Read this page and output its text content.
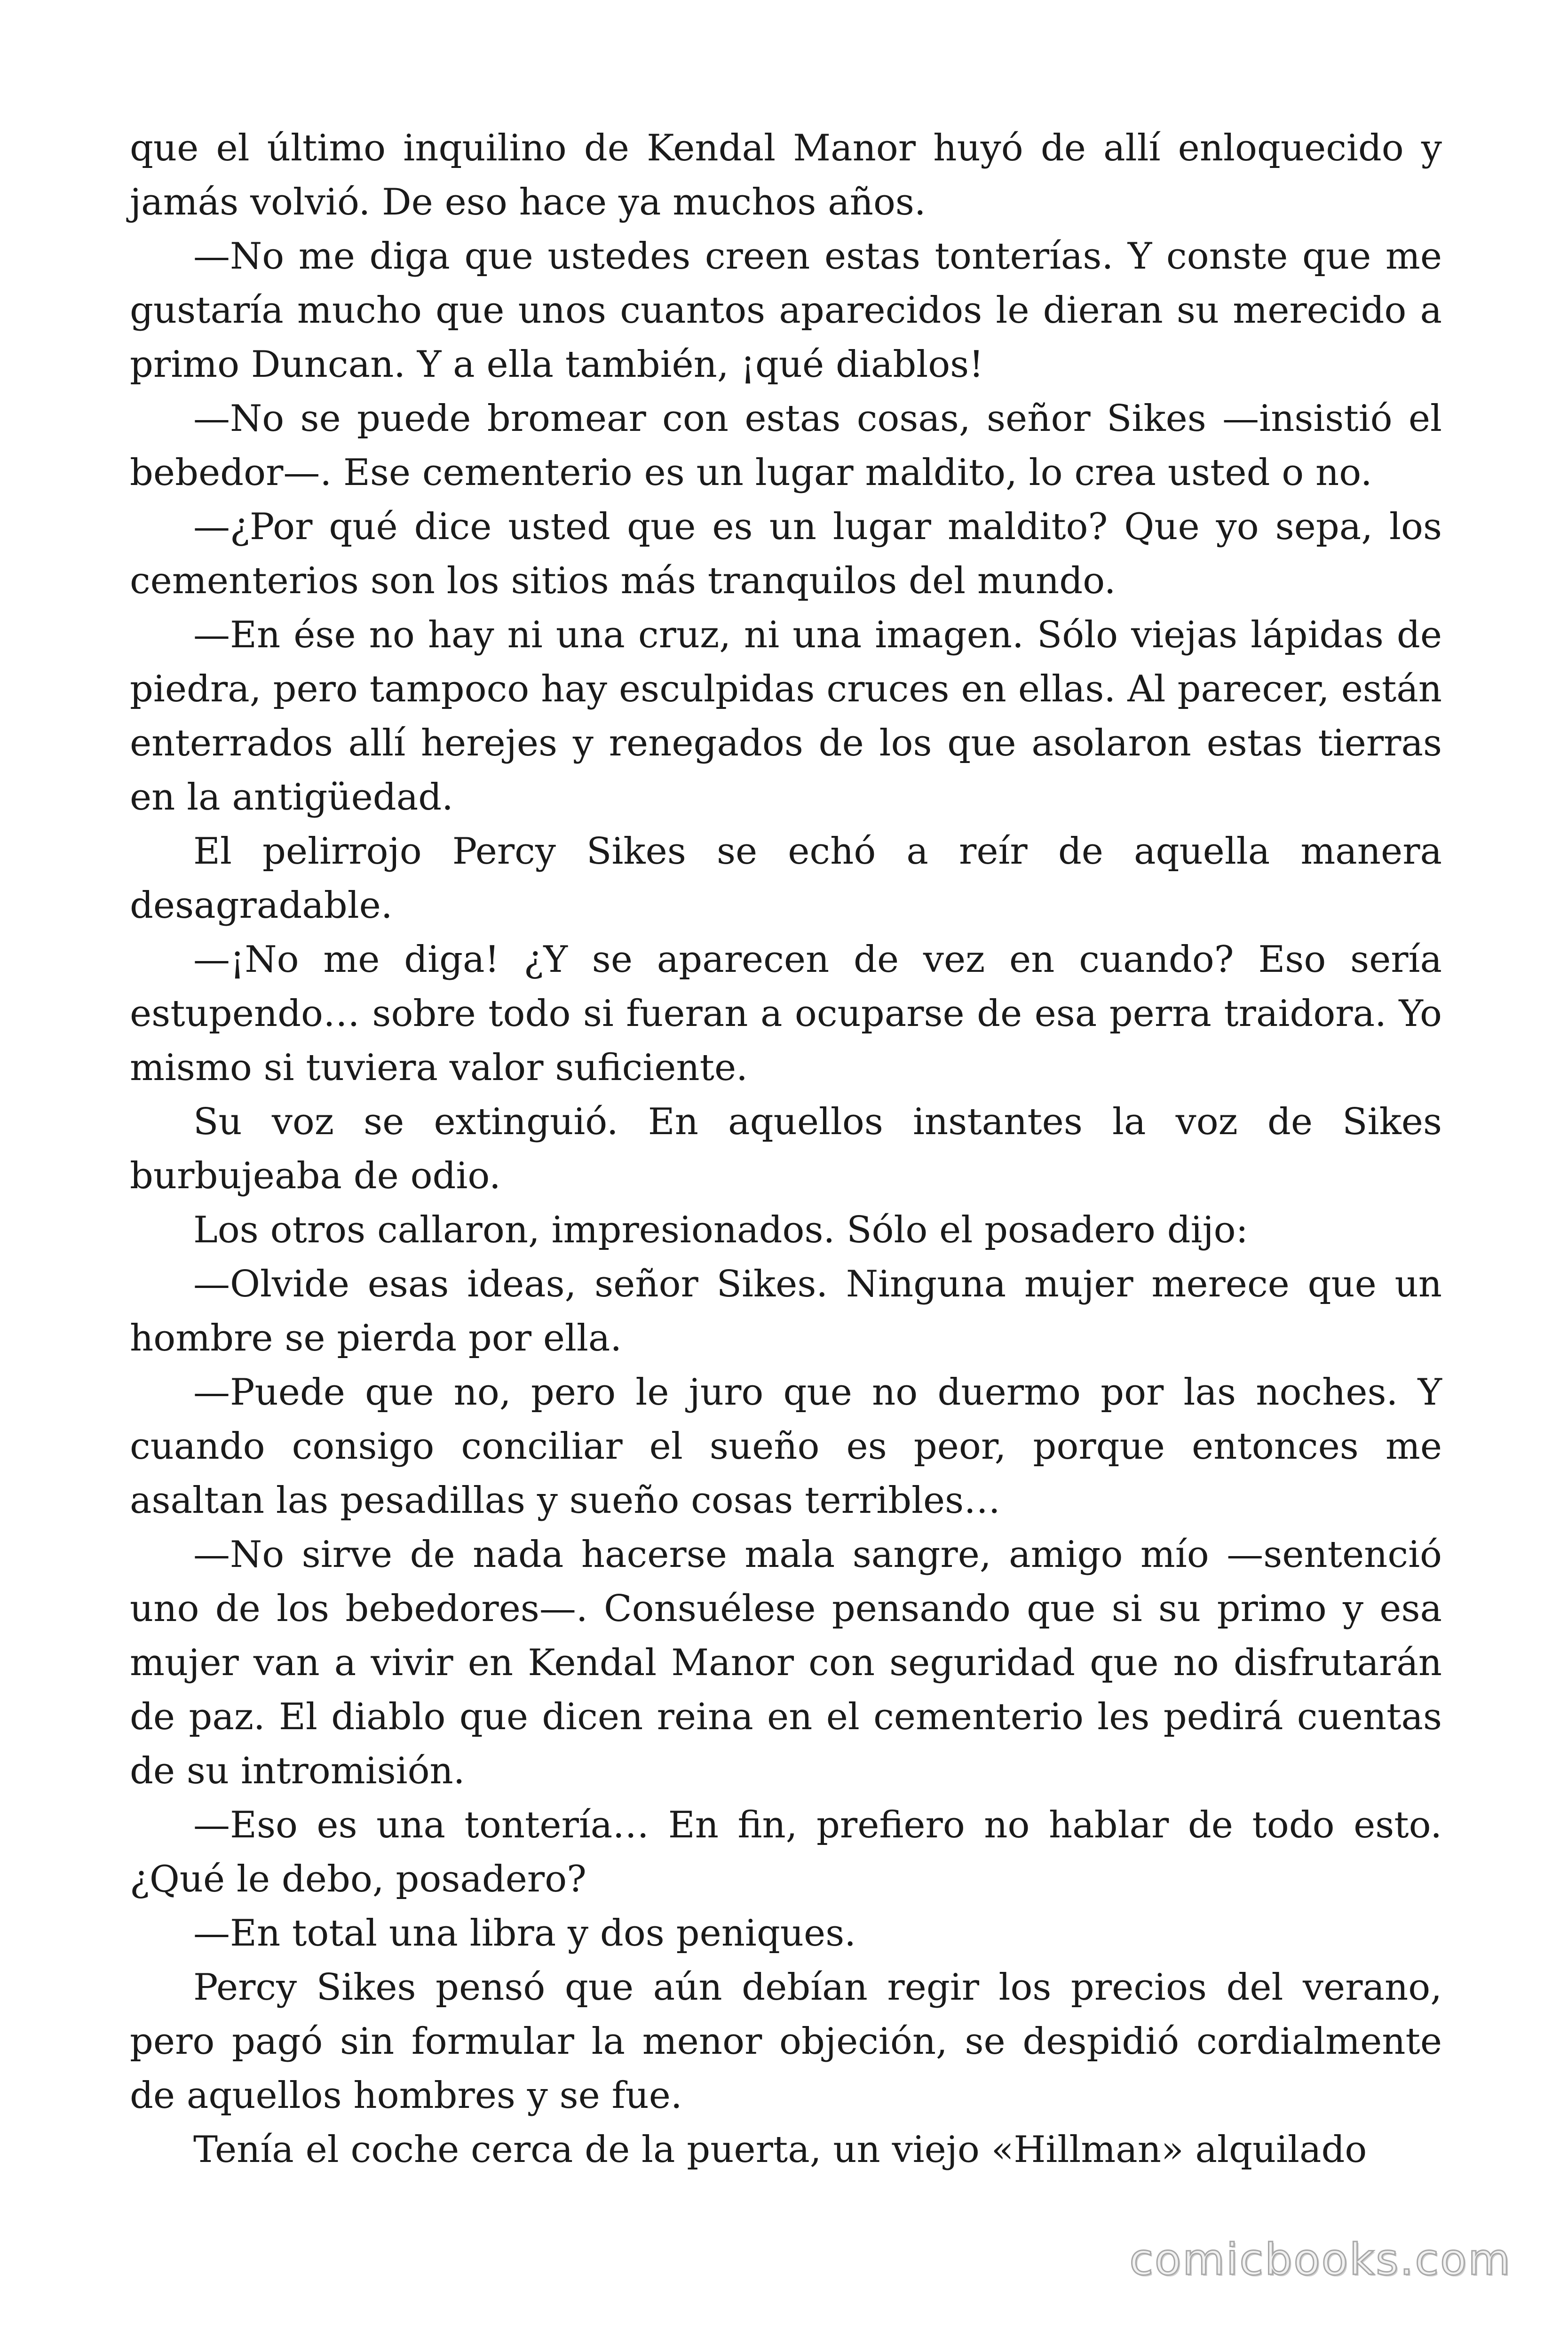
que el último inquilino de Kendal Manor huyó de allí enloquecido y jamás volvió. De eso hace ya muchos años.

—No me diga que ustedes creen estas tonterías. Y conste que me gustaría mucho que unos cuantos aparecidos le dieran su merecido a primo Duncan. Y a ella también, ¡qué diablos!

—No se puede bromear con estas cosas, señor Sikes —insistió el bebedor—. Ese cementerio es un lugar maldito, lo crea usted o no.

—¿Por qué dice usted que es un lugar maldito? Que yo sepa, los cementerios son los sitios más tranquilos del mundo.

—En ése no hay ni una cruz, ni una imagen. Sólo viejas lápidas de piedra, pero tampoco hay esculpidas cruces en ellas. Al parecer, están enterrados allí herejes y renegados de los que asolaron estas tierras en la antigüedad.

El pelirrojo Percy Sikes se echó a reír de aquella manera desagradable.

—¡No me diga! ¿Y se aparecen de vez en cuando? Eso sería estupendo… sobre todo si fueran a ocuparse de esa perra traidora. Yo mismo si tuviera valor suficiente.

Su voz se extinguió. En aquellos instantes la voz de Sikes burbujeaba de odio.

Los otros callaron, impresionados. Sólo el posadero dijo:

—Olvide esas ideas, señor Sikes. Ninguna mujer merece que un hombre se pierda por ella.

—Puede que no, pero le juro que no duermo por las noches. Y cuando consigo conciliar el sueño es peor, porque entonces me asaltan las pesadillas y sueño cosas terribles…

—No sirve de nada hacerse mala sangre, amigo mío —sentenció uno de los bebedores—. Consuélese pensando que si su primo y esa mujer van a vivir en Kendal Manor con seguridad que no disfrutarán de paz. El diablo que dicen reina en el cementerio les pedirá cuentas de su intromisión.

—Eso es una tontería… En fin, prefiero no hablar de todo esto. ¿Qué le debo, posadero?

—En total una libra y dos peniques.

Percy Sikes pensó que aún debían regir los precios del verano, pero pagó sin formular la menor objeción, se despidió cordialmente de aquellos hombres y se fue.

Tenía el coche cerca de la puerta, un viejo «Hillman» alquilado

comicbooks.com
